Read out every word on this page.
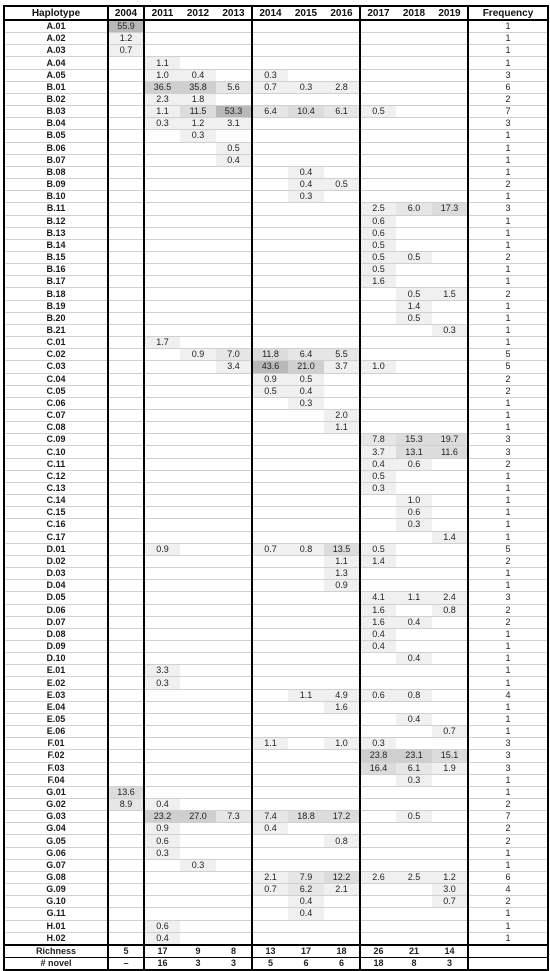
Haplotype	2004	2011	2012	2013	2014	2015	2016	2017	2018	2019	Frequency
A.01	55.9										1
A.02	1.2										1
A.03	0.7										1
A.04		1.1									1
A.05		1.0	0.4		0.3						3
B.01		36.5	35.8	5.6	0.7	0.3	2.8				6
B.02		2.3	1.8								2
B.03		1.1	11.5	53.3	6.4	10.4	6.1	0.5			7
B.04		0.3	1.2	3.1							3
B.05			0.3								1
B.06				0.5							1
B.07				0.4							1
B.08						0.4					1
B.09						0.4	0.5				2
B.10						0.3					1
B.11								2.5	6.0	17.3	3
B.12								0.6			1
B.13								0.6			1
B.14								0.5			1
B.15								0.5	0.5		2
B.16								0.5			1
B.17								1.6			1
B.18									0.5	1.5	2
B.19									1.4		1
B.20									0.5		1
B.21										0.3	1
C.01		1.7									1
C.02			0.9	7.0	11.8	6.4	5.5				5
C.03				3.4	43.6	21.0	3.7	1.0			5
C.04					0.9	0.5					2
C.05					0.5	0.4					2
C.06						0.3					1
C.07							2.0				1
C.08							1.1				1
C.09								7.8	15.3	19.7	3
C.10								3.7	13.1	11.6	3
C.11								0.4	0.6		2
C.12								0.5			1
C.13								0.3			1
C.14									1.0		1
C.15									0.6		1
C.16									0.3		1
C.17										1.4	1
D.01		0.9			0.7	0.8	13.5	0.5			5
D.02							1.1	1.4			2
D.03							1.3				1
D.04							0.9				1
D.05								4.1	1.1	2.4	3
D.06								1.6		0.8	2
D.07								1.6	0.4		2
D.08								0.4			1
D.09								0.4			1
D.10									0.4		1
E.01		3.3									1
E.02		0.3									1
E.03						1.1	4.9	0.6	0.8		4
E.04							1.6				1
E.05									0.4		1
E.06										0.7	1
F.01					1.1		1.0	0.3			3
F.02								23.8	23.1	15.1	3
F.03								16.4	6.1	1.9	3
F.04									0.3		1
G.01	13.6										1
G.02	8.9	0.4									2
G.03		23.2	27.0	7.3	7.4	18.8	17.2		0.5		7
G.04		0.9			0.4						2
G.05		0.6					0.8				2
G.06		0.3									1
G.07			0.3								1
G.08					2.1	7.9	12.2	2.6	2.5	1.2	6
G.09					0.7	6.2	2.1			3.0	4
G.10						0.4				0.7	2
G.11						0.4					1
H.01		0.6									1
H.02		0.4									1
Richness	5	17	9	8	13	17	18	26	21	14	
# novel	–	16	3	3	5	6	6	18	8	3	
